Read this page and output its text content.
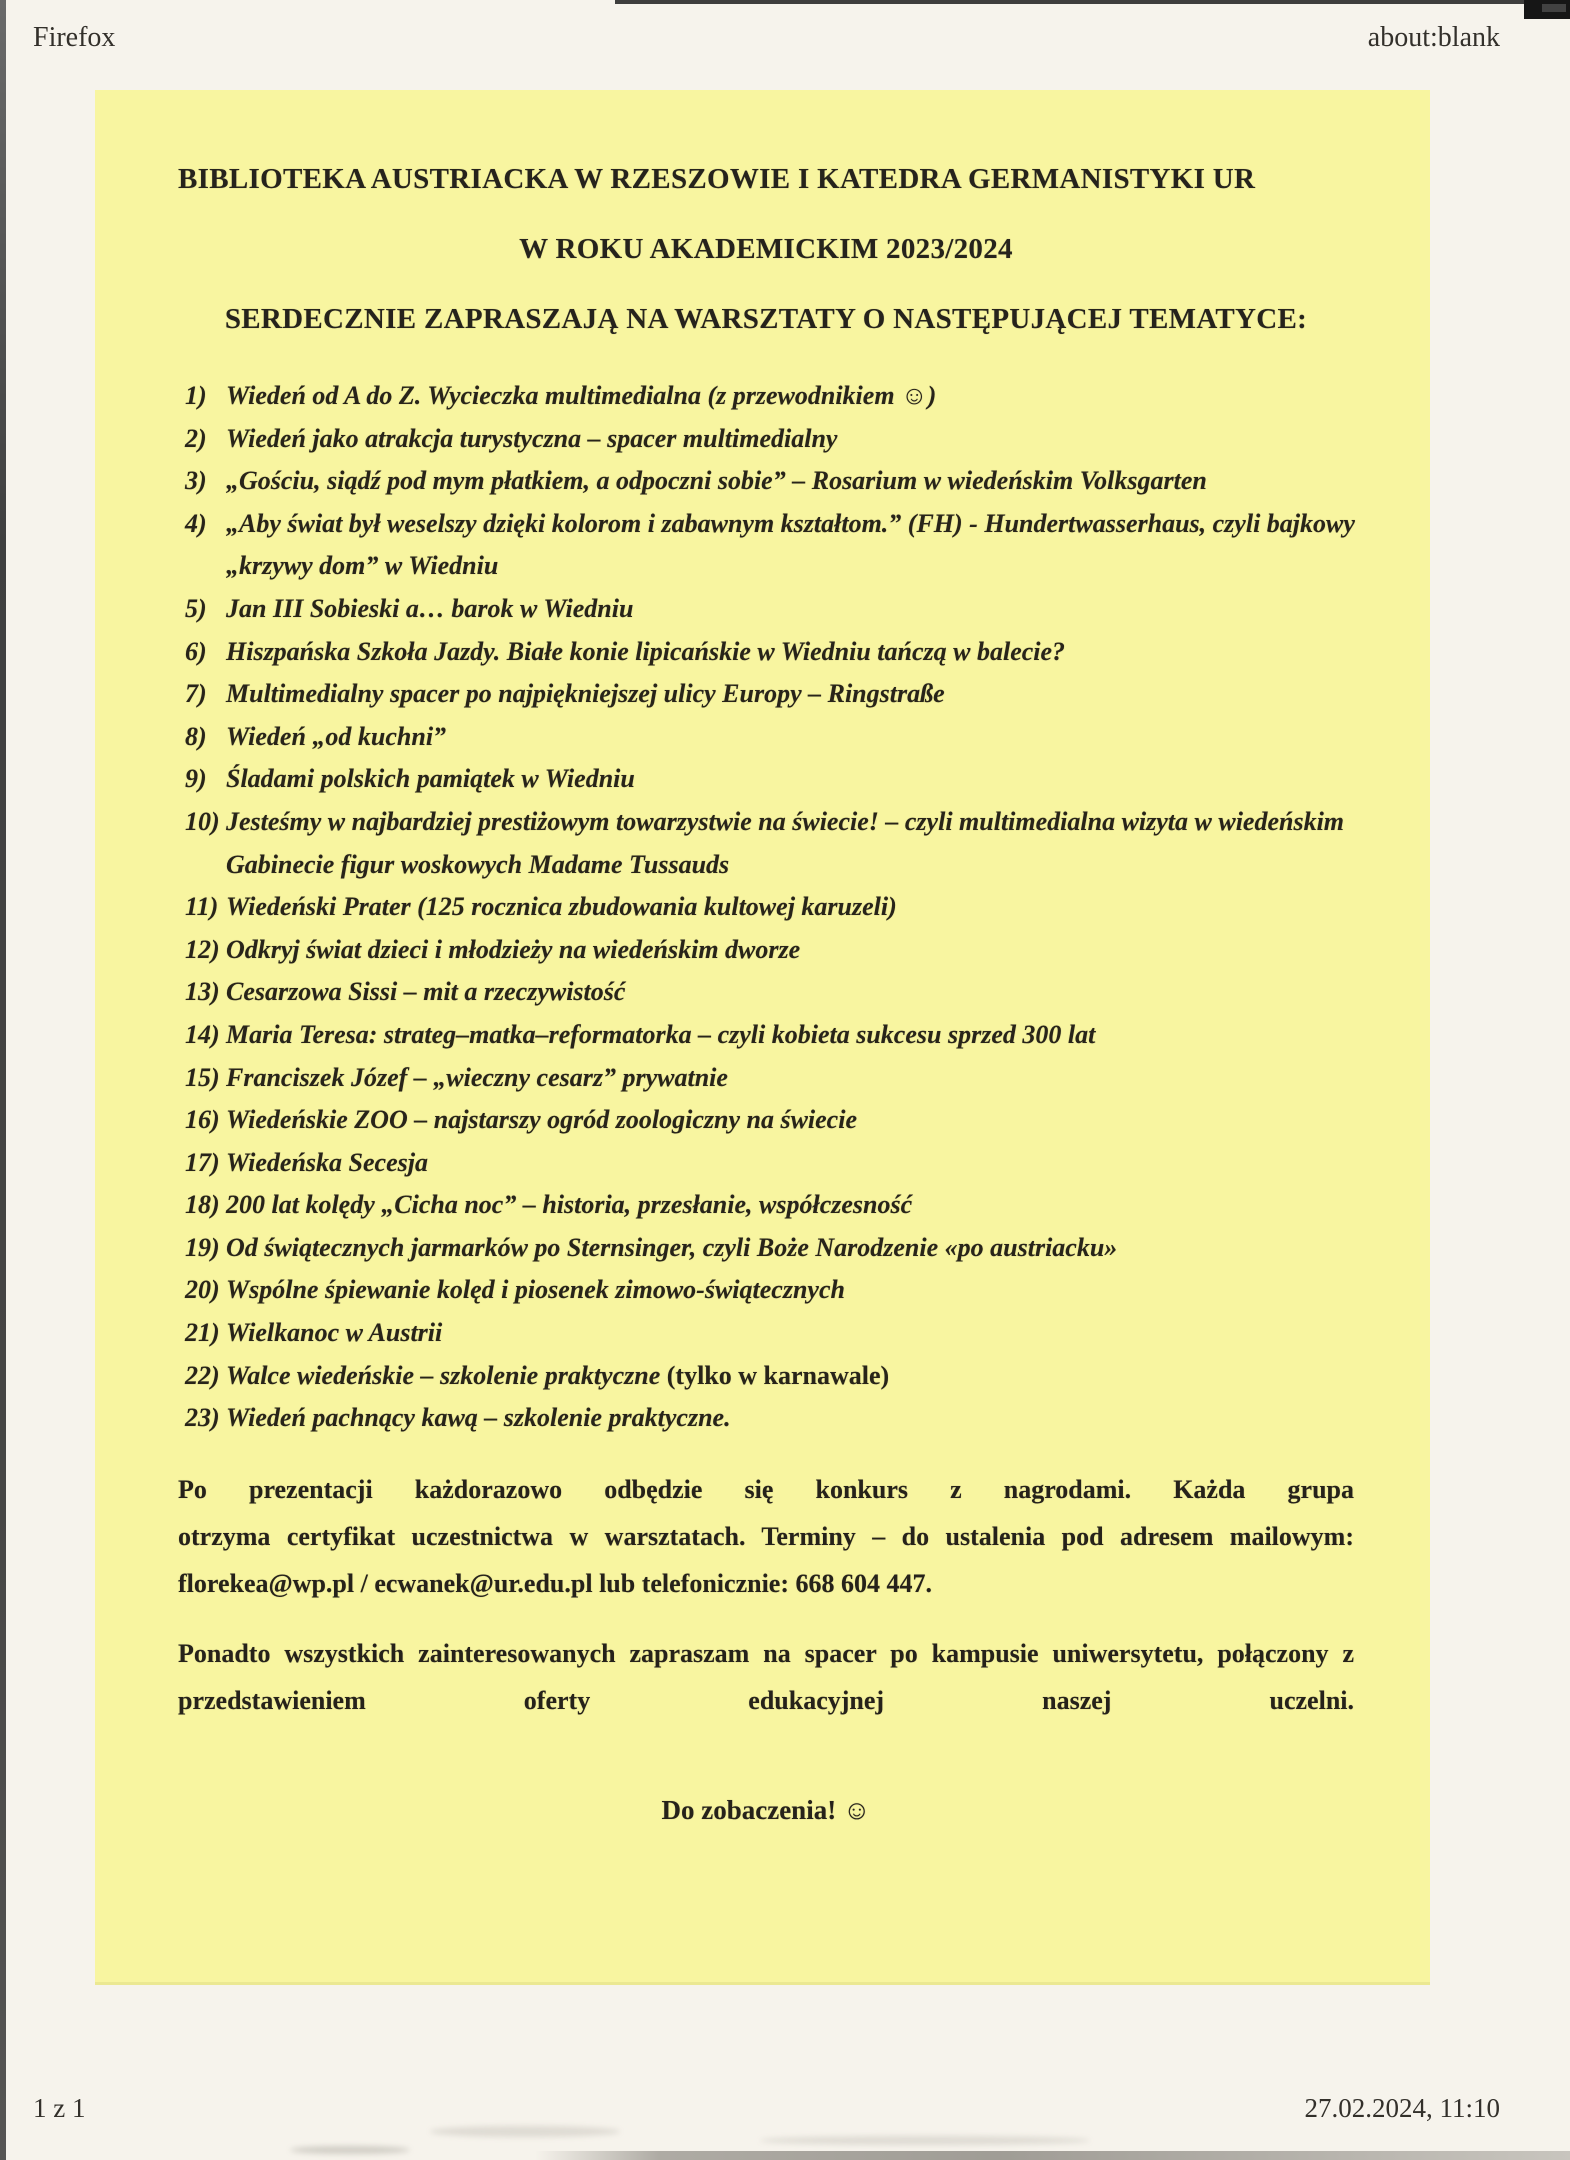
Firefox	about:blank
BIBLIOTEKA AUSTRIACKA W RZESZOWIE I KATEDRA GERMANISTYKI UR
W ROKU AKADEMICKIM 2023/2024
SERDECZNIE ZAPRASZAJĄ NA WARSZTATY O NASTĘPUJĄCEJ TEMATYCE:
1) Wiedeń od A do Z. Wycieczka multimedialna (z przewodnikiem ☺)
2) Wiedeń jako atrakcja turystyczna – spacer multimedialny
3) „Gościu, siądź pod mym płatkiem, a odpoczni sobie” – Rosarium w wiedeńskim Volksgarten
4) „Aby świat był weselszy dzięki kolorom i zabawnym kształtom.” (FH) - Hundertwasserhaus, czyli bajkowy
„krzywy dom” w Wiedniu
5) Jan III Sobieski a… barok w Wiedniu
6) Hiszpańska Szkoła Jazdy. Białe konie lipicańskie w Wiedniu tańczą w balecie?
7) Multimedialny spacer po najpiękniejszej ulicy Europy – Ringstraße
8) Wiedeń „od kuchni”
9) Śladami polskich pamiątek w Wiedniu
10) Jesteśmy w najbardziej prestiżowym towarzystwie na świecie! – czyli multimedialna wizyta w wiedeńskim
Gabinecie figur woskowych Madame Tussauds
11) Wiedeński Prater (125 rocznica zbudowania kultowej karuzeli)
12) Odkryj świat dzieci i młodzieży na wiedeńskim dworze
13) Cesarzowa Sissi – mit a rzeczywistość
14) Maria Teresa: strateg–matka–reformatorka – czyli kobieta sukcesu sprzed 300 lat
15) Franciszek Józef – „wieczny cesarz” prywatnie
16) Wiedeńskie ZOO – najstarszy ogród zoologiczny na świecie
17) Wiedeńska Secesja
18) 200 lat kolędy „Cicha noc” – historia, przesłanie, współczesność
19) Od świątecznych jarmarków po Sternsinger, czyli Boże Narodzenie «po austriacku»
20) Wspólne śpiewanie kolęd i piosenek zimowo-świątecznych
21) Wielkanoc w Austrii
22) Walce wiedeńskie – szkolenie praktyczne (tylko w karnawale)
23) Wiedeń pachnący kawą – szkolenie praktyczne.
Po prezentacji każdorazowo odbędzie się konkurs z nagrodami. Każda grupa
otrzyma certyfikat uczestnictwa w warsztatach. Terminy – do ustalenia pod adresem mailowym:
florekea@wp.pl / ecwanek@ur.edu.pl lub telefonicznie: 668 604 447.
Ponadto wszystkich zainteresowanych zapraszam na spacer po kampusie uniwersytetu, połączony z
przedstawieniem oferty edukacyjnej naszej uczelni.
Do zobaczenia! ☺
1 z 1	27.02.2024, 11:10
